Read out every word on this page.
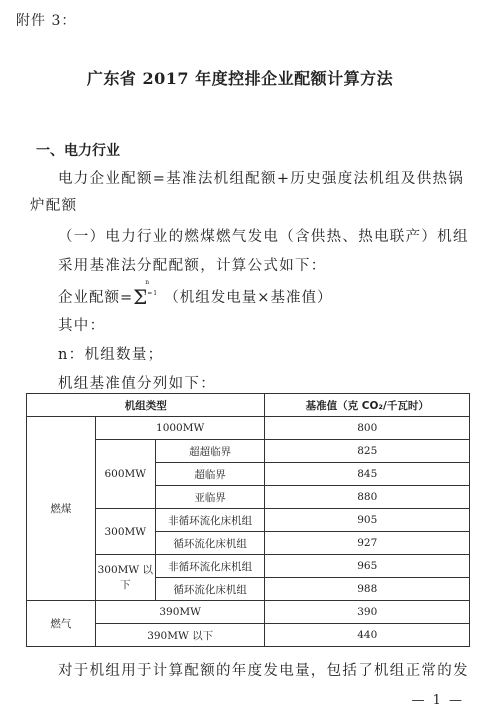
附件 3：
广东省 2017 年度控排企业配额计算方法
一、电力行业
电力企业配额=基准法机组配额+历史强度法机组及供热锅
炉配额
（一）电力行业的燃煤燃气发电（含供热、热电联产）机组
采用基准法分配配额，计算公式如下：
企业配额=Σ
n
i=1 （机组发电量×基准值）
其中：
n：机组数量；
机组基准值分列如下：
机组类型			基准值（克 CO₂/千瓦时）
燃煤	1000MW		800
	600MW	超超临界	825
		超临界	845
		亚临界	880
	300MW	非循环流化床机组	905
		循环流化床机组	927
	300MW 以下	非循环流化床机组	965
		循环流化床机组	988
燃气	390MW		390
	390MW 以下		440
对于机组用于计算配额的年度发电量，包括了机组正常的发
— 1 —
